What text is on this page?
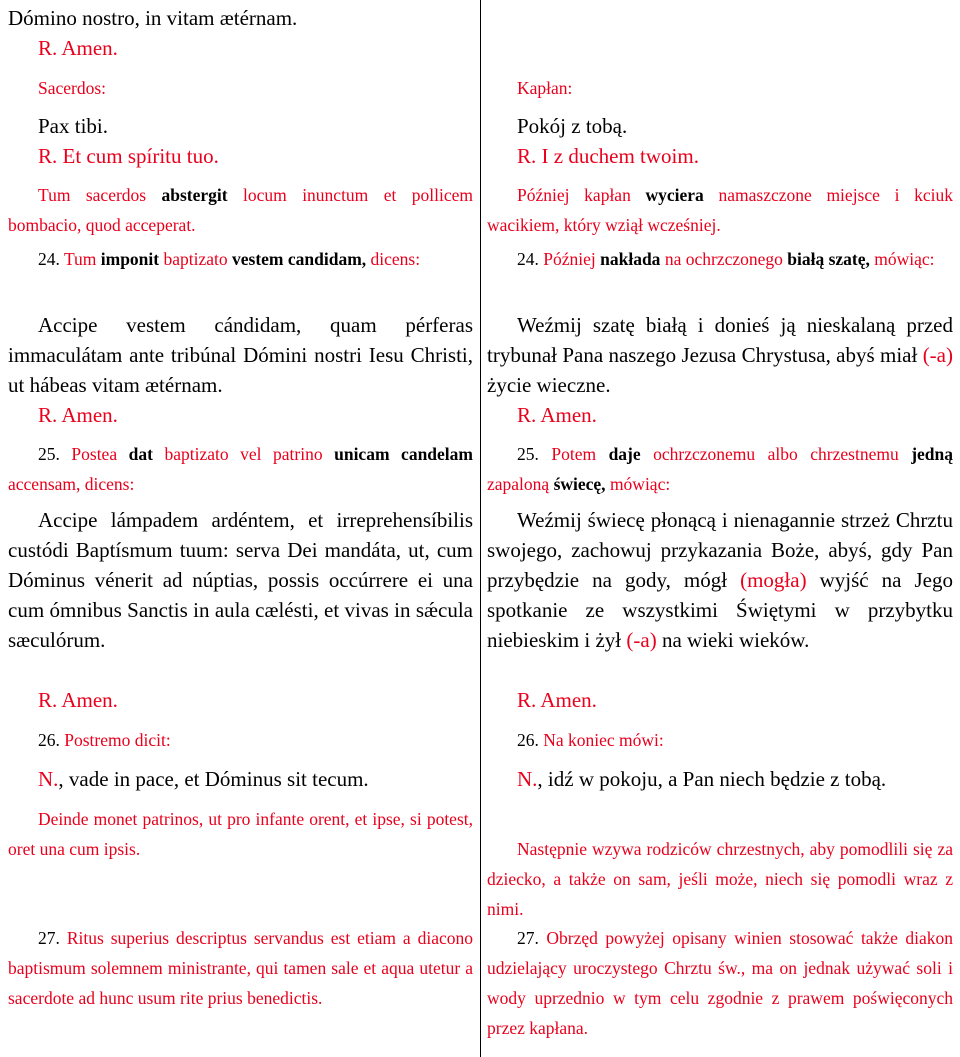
Dómino nostro, in vitam ætérnam.

R. Amen.

Sacerdos:

Pax tibi.

R. Et cum spíritu tuo.

Tum sacerdos abstergit locum inunctum et pollicem bombacio, quod acceperat.

24. Tum imponit baptizato vestem candidam, dicens:

Accipe vestem cándidam, quam pérferas immaculátam ante tribúnal Dómini nostri Iesu Christi, ut hábeas vitam ætérnam.

R. Amen.

25. Postea dat baptizato vel patrino unicam candelam accensam, dicens:

Accipe lámpadem ardéntem, et irreprehensíbilis custódi Baptísmum tuum: serva Dei mandáta, ut, cum Dóminus vénerit ad núptias, possis occúrrere ei una cum ómnibus Sanctis in aula cælésti, et vivas in sǽcula sæculórum.

R. Amen.

26. Postremo dicit:

N., vade in pace, et Dóminus sit tecum.

Deinde monet patrinos, ut pro infante orent, et ipse, si potest, oret una cum ipsis.

27. Ritus superius descriptus servandus est etiam a diacono baptismum solemnem ministrante, qui tamen sale et aqua utetur a sacerdote ad hunc usum rite prius benedictis.

Kapłan:

Pokój z tobą.

R. I z duchem twoim.

Później kapłan wyciera namaszczone miejsce i kciuk wacikiem, który wziął wcześniej.

24. Później nakłada na ochrzczonego białą szatę, mówiąc:

Weźmij szatę białą i donieś ją nieskalaną przed trybunał Pana naszego Jezusa Chrystusa, abyś miał (-a) życie wieczne.

R. Amen.

25. Potem daje ochrzczonemu albo chrzestnemu jedną zapaloną świecę, mówiąc:

Weźmij świecę płonącą i nienagannie strzeż Chrztu swojego, zachowuj przykazania Boże, abyś, gdy Pan przybędzie na gody, mógł (mogła) wyjść na Jego spotkanie ze wszystkimi Świętymi w przybytku niebieskim i żył (-a) na wieki wieków.

R. Amen.

26. Na koniec mówi:

N., idź w pokoju, a Pan niech będzie z tobą.

Następnie wzywa rodziców chrzestnych, aby pomodlili się za dziecko, a także on sam, jeśli może, niech się pomodli wraz z nimi.

27. Obrzęd powyżej opisany winien stosować także diakon udzielający uroczystego Chrztu św., ma on jednak używać soli i wody uprzednio w tym celu zgodnie z prawem poświęconych przez kapłana.
